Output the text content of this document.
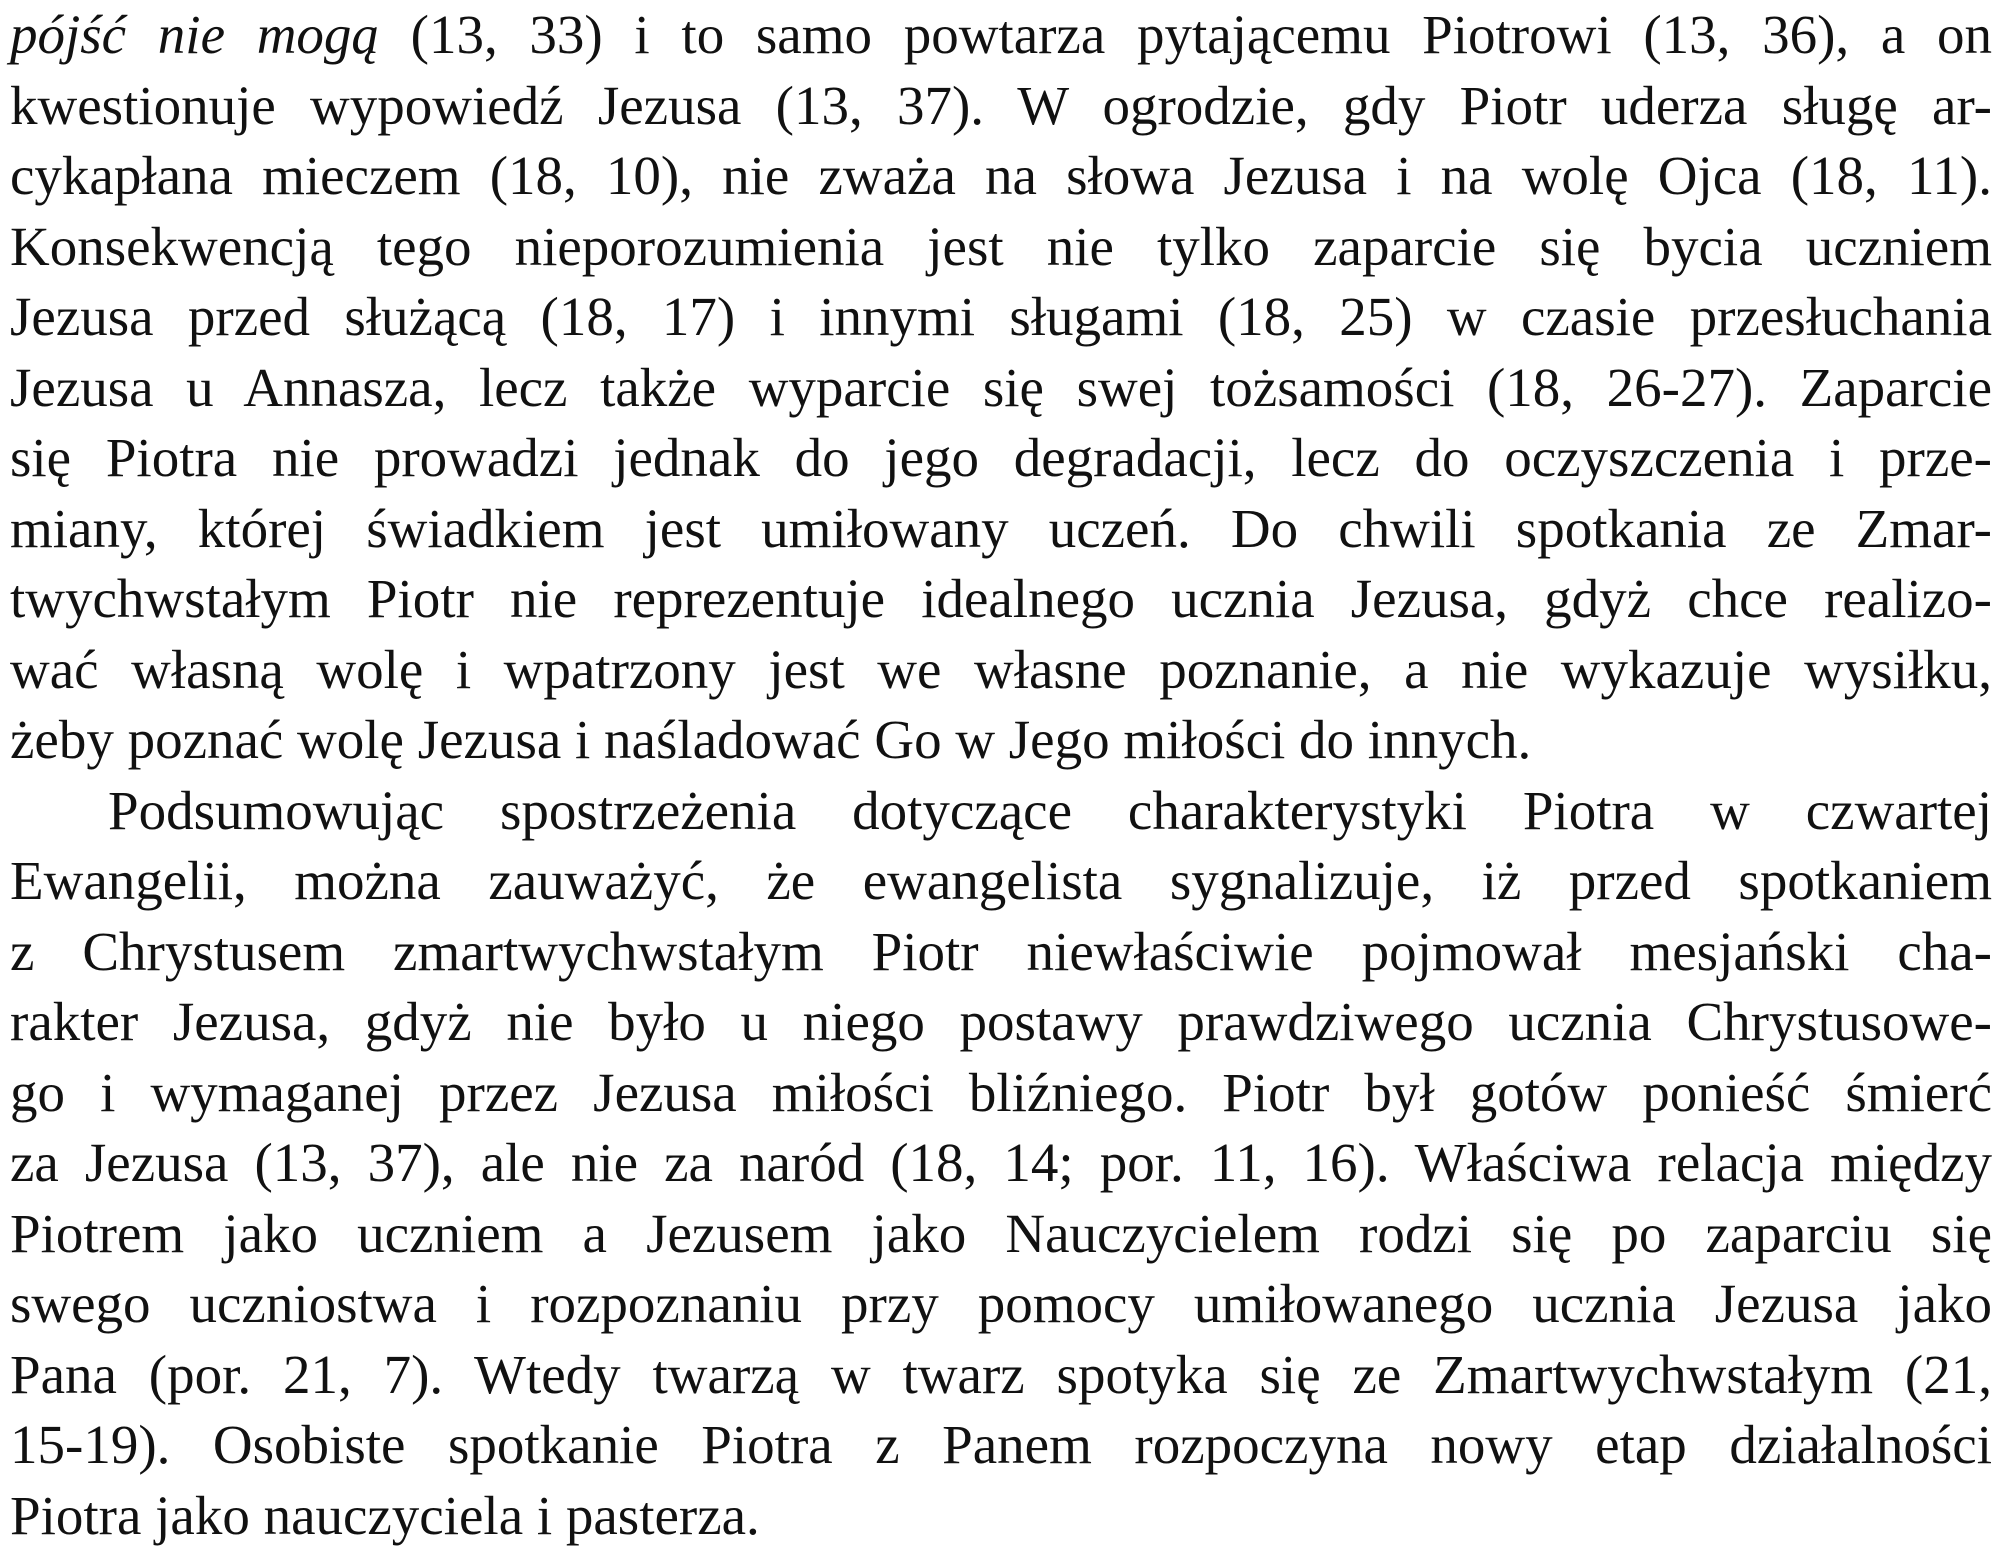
pójść nie mogą (13, 33) i to samo powtarza pytającemu Piotrowi (13, 36), a on
kwestionuje wypowiedź Jezusa (13, 37). W ogrodzie, gdy Piotr uderza sługę ar-
cykapłana mieczem (18, 10), nie zważa na słowa Jezusa i na wolę Ojca (18, 11).
Konsekwencją tego nieporozumienia jest nie tylko zaparcie się bycia uczniem
Jezusa przed służącą (18, 17) i innymi sługami (18, 25) w czasie przesłuchania
Jezusa u Annasza, lecz także wyparcie się swej tożsamości (18, 26-27). Zaparcie
się Piotra nie prowadzi jednak do jego degradacji, lecz do oczyszczenia i prze-
miany, której świadkiem jest umiłowany uczeń. Do chwili spotkania ze Zmar-
twychwstałym Piotr nie reprezentuje idealnego ucznia Jezusa, gdyż chce realizo-
wać własną wolę i wpatrzony jest we własne poznanie, a nie wykazuje wysiłku,
żeby poznać wolę Jezusa i naśladować Go w Jego miłości do innych.
Podsumowując spostrzeżenia dotyczące charakterystyki Piotra w czwartej
Ewangelii, można zauważyć, że ewangelista sygnalizuje, iż przed spotkaniem
z Chrystusem zmartwychwstałym Piotr niewłaściwie pojmował mesjański cha-
rakter Jezusa, gdyż nie było u niego postawy prawdziwego ucznia Chrystusowe-
go i wymaganej przez Jezusa miłości bliźniego. Piotr był gotów ponieść śmierć
za Jezusa (13, 37), ale nie za naród (18, 14; por. 11, 16). Właściwa relacja między
Piotrem jako uczniem a Jezusem jako Nauczycielem rodzi się po zaparciu się
swego uczniostwa i rozpoznaniu przy pomocy umiłowanego ucznia Jezusa jako
Pana (por. 21, 7). Wtedy twarzą w twarz spotyka się ze Zmartwychwstałym (21,
15-19). Osobiste spotkanie Piotra z Panem rozpoczyna nowy etap działalności
Piotra jako nauczyciela i pasterza.
